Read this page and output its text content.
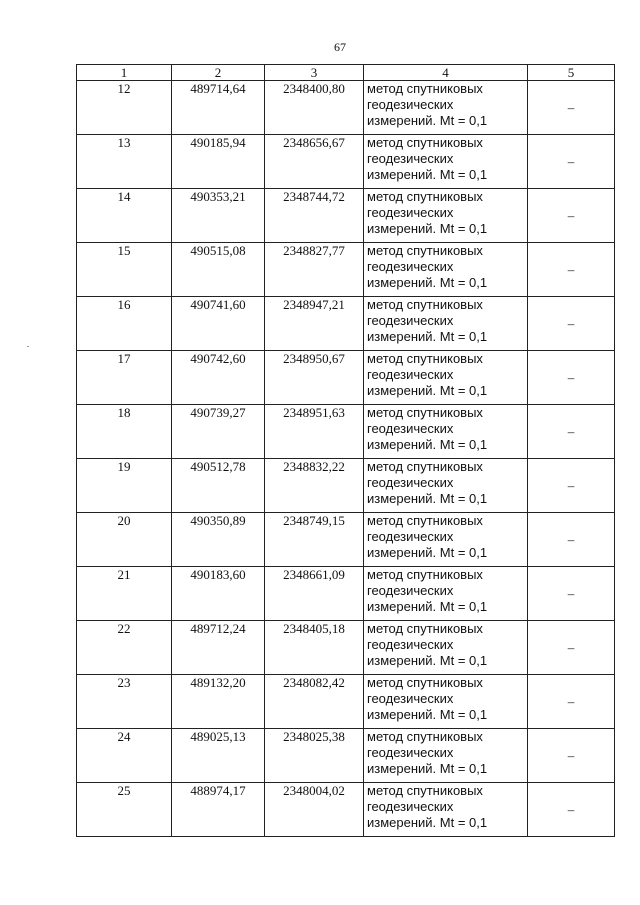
67
1	2	3	4	5
12	489714,64	2348400,80	метод спутниковых
геодезических
измерений. Mt = 0,1	–
13	490185,94	2348656,67	метод спутниковых
геодезических
измерений. Mt = 0,1	–
14	490353,21	2348744,72	метод спутниковых
геодезических
измерений. Mt = 0,1	–
15	490515,08	2348827,77	метод спутниковых
геодезических
измерений. Mt = 0,1	–
16	490741,60	2348947,21	метод спутниковых
геодезических
измерений. Mt = 0,1	–
17	490742,60	2348950,67	метод спутниковых
геодезических
измерений. Mt = 0,1	–
18	490739,27	2348951,63	метод спутниковых
геодезических
измерений. Mt = 0,1	–
19	490512,78	2348832,22	метод спутниковых
геодезических
измерений. Mt = 0,1	–
20	490350,89	2348749,15	метод спутниковых
геодезических
измерений. Mt = 0,1	–
21	490183,60	2348661,09	метод спутниковых
геодезических
измерений. Mt = 0,1	–
22	489712,24	2348405,18	метод спутниковых
геодезических
измерений. Mt = 0,1	–
23	489132,20	2348082,42	метод спутниковых
геодезических
измерений. Mt = 0,1	–
24	489025,13	2348025,38	метод спутниковых
геодезических
измерений. Mt = 0,1	–
25	488974,17	2348004,02	метод спутниковых
геодезических
измерений. Mt = 0,1	–
